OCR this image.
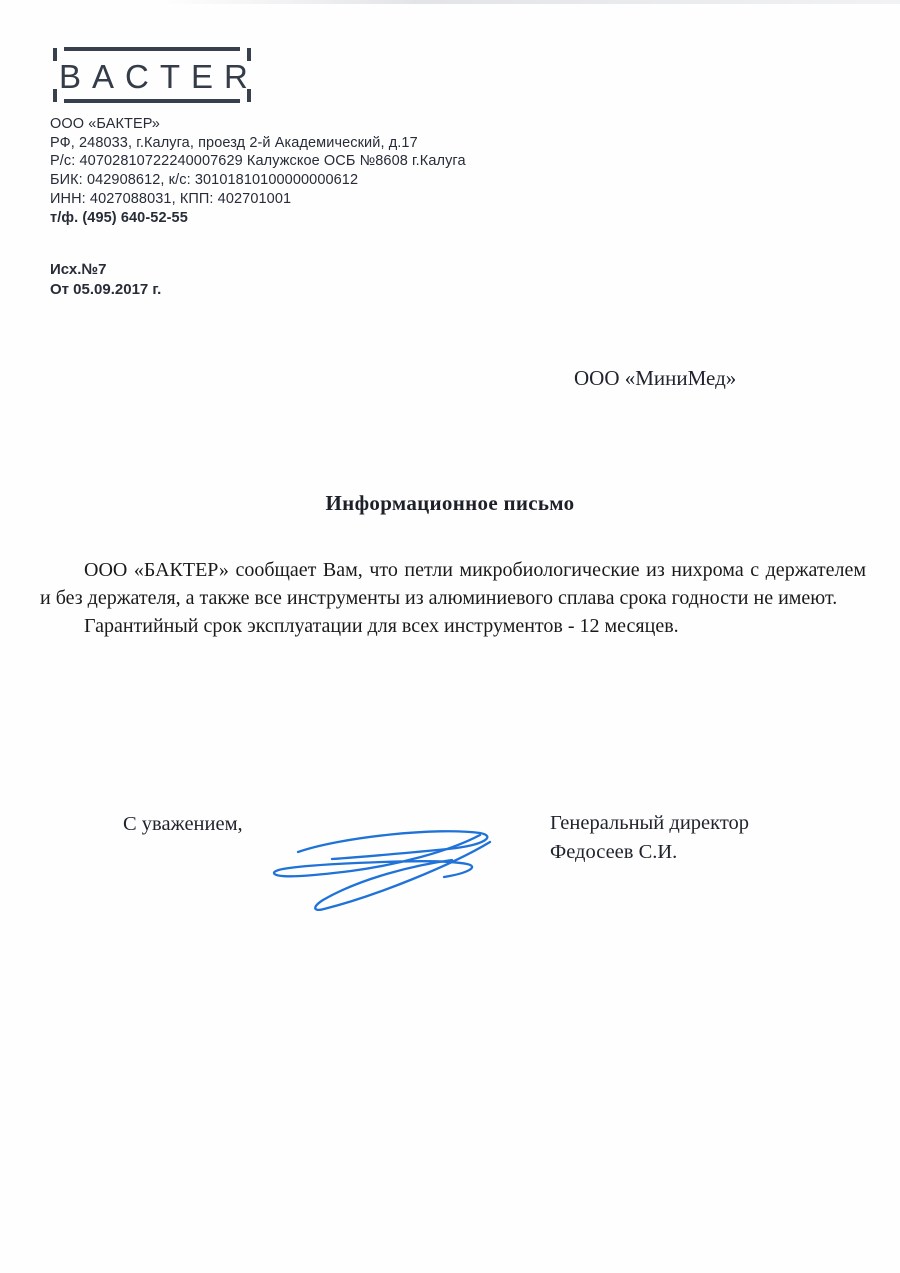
BACTER
ООО «БАКТЕР»
РФ, 248033, г.Калуга, проезд 2-й Академический, д.17
Р/с: 40702810722240007629 Калужское ОСБ №8608 г.Калуга
БИК: 042908612, к/с: 30101810100000000612
ИНН: 4027088031, КПП: 402701001
т/ф. (495) 640-52-55
Исх.№7
От 05.09.2017 г.
ООО «МиниМед»
Информационное письмо

ООО «БАКТЕР» сообщает Вам, что петли микробиологические из нихрома с держателем и без держателя, а также все инструменты из алюминиевого сплава срока годности не имеют.

Гарантийный срок эксплуатации для всех инструментов - 12 месяцев.

С уважением,	Генеральный директор
Федосеев С.И.
